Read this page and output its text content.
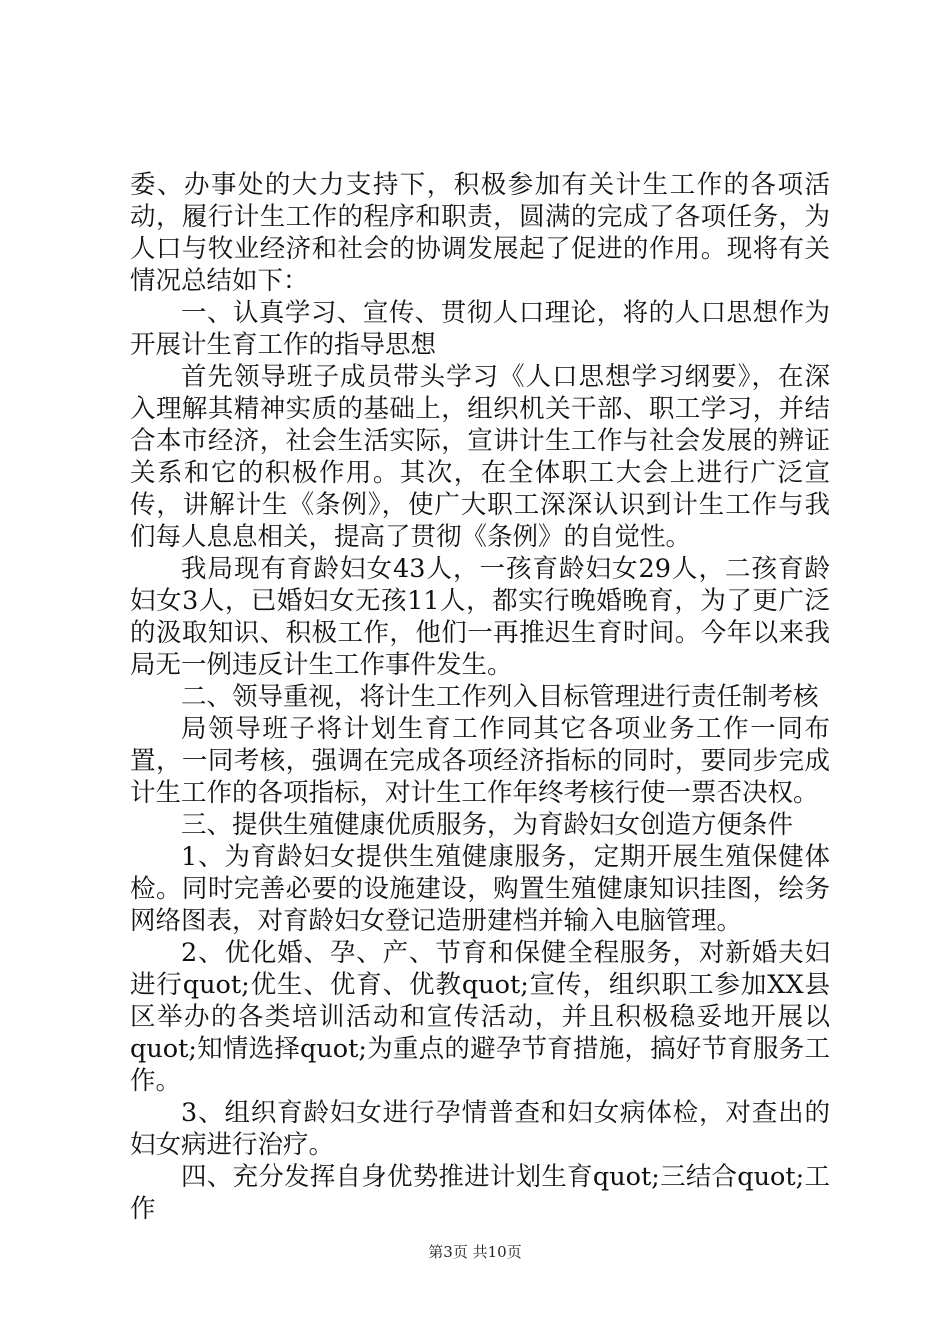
委、办事处的大力支持下，积极参加有关计生工作的各项活动，履行计生工作的程序和职责，圆满的完成了各项任务，为人口与牧业经济和社会的协调发展起了促进的作用。现将有关情况总结如下：

一、认真学习、宣传、贯彻人口理论，将的人口思想作为开展计生育工作的指导思想

首先领导班子成员带头学习《人口思想学习纲要》，在深入理解其精神实质的基础上，组织机关干部、职工学习，并结合本市经济，社会生活实际，宣讲计生工作与社会发展的辨证关系和它的积极作用。其次，在全体职工大会上进行广泛宣传，讲解计生《条例》，使广大职工深深认识到计生工作与我们每人息息相关，提高了贯彻《条例》的自觉性。

我局现有育龄妇女43人，一孩育龄妇女29人，二孩育龄妇女3人，已婚妇女无孩11人，都实行晚婚晚育，为了更广泛的汲取知识、积极工作，他们一再推迟生育时间。今年以来我局无一例违反计生工作事件发生。

二、领导重视，将计生工作列入目标管理进行责任制考核

局领导班子将计划生育工作同其它各项业务工作一同布置，一同考核，强调在完成各项经济指标的同时，要同步完成计生工作的各项指标，对计生工作年终考核行使一票否决权。

三、提供生殖健康优质服务，为育龄妇女创造方便条件

1、为育龄妇女提供生殖健康服务，定期开展生殖保健体检。同时完善必要的设施建设，购置生殖健康知识挂图，绘务网络图表，对育龄妇女登记造册建档并输入电脑管理。

2、优化婚、孕、产、节育和保健全程服务，对新婚夫妇进行quot;优生、优育、优教quot;宣传，组织职工参加XX县区举办的各类培训活动和宣传活动，并且积极稳妥地开展以quot;知情选择quot;为重点的避孕节育措施，搞好节育服务工作。

3、组织育龄妇女进行孕情普查和妇女病体检，对查出的妇女病进行治疗。

四、充分发挥自身优势推进计划生育quot;三结合quot;工作

第3页 共10页
